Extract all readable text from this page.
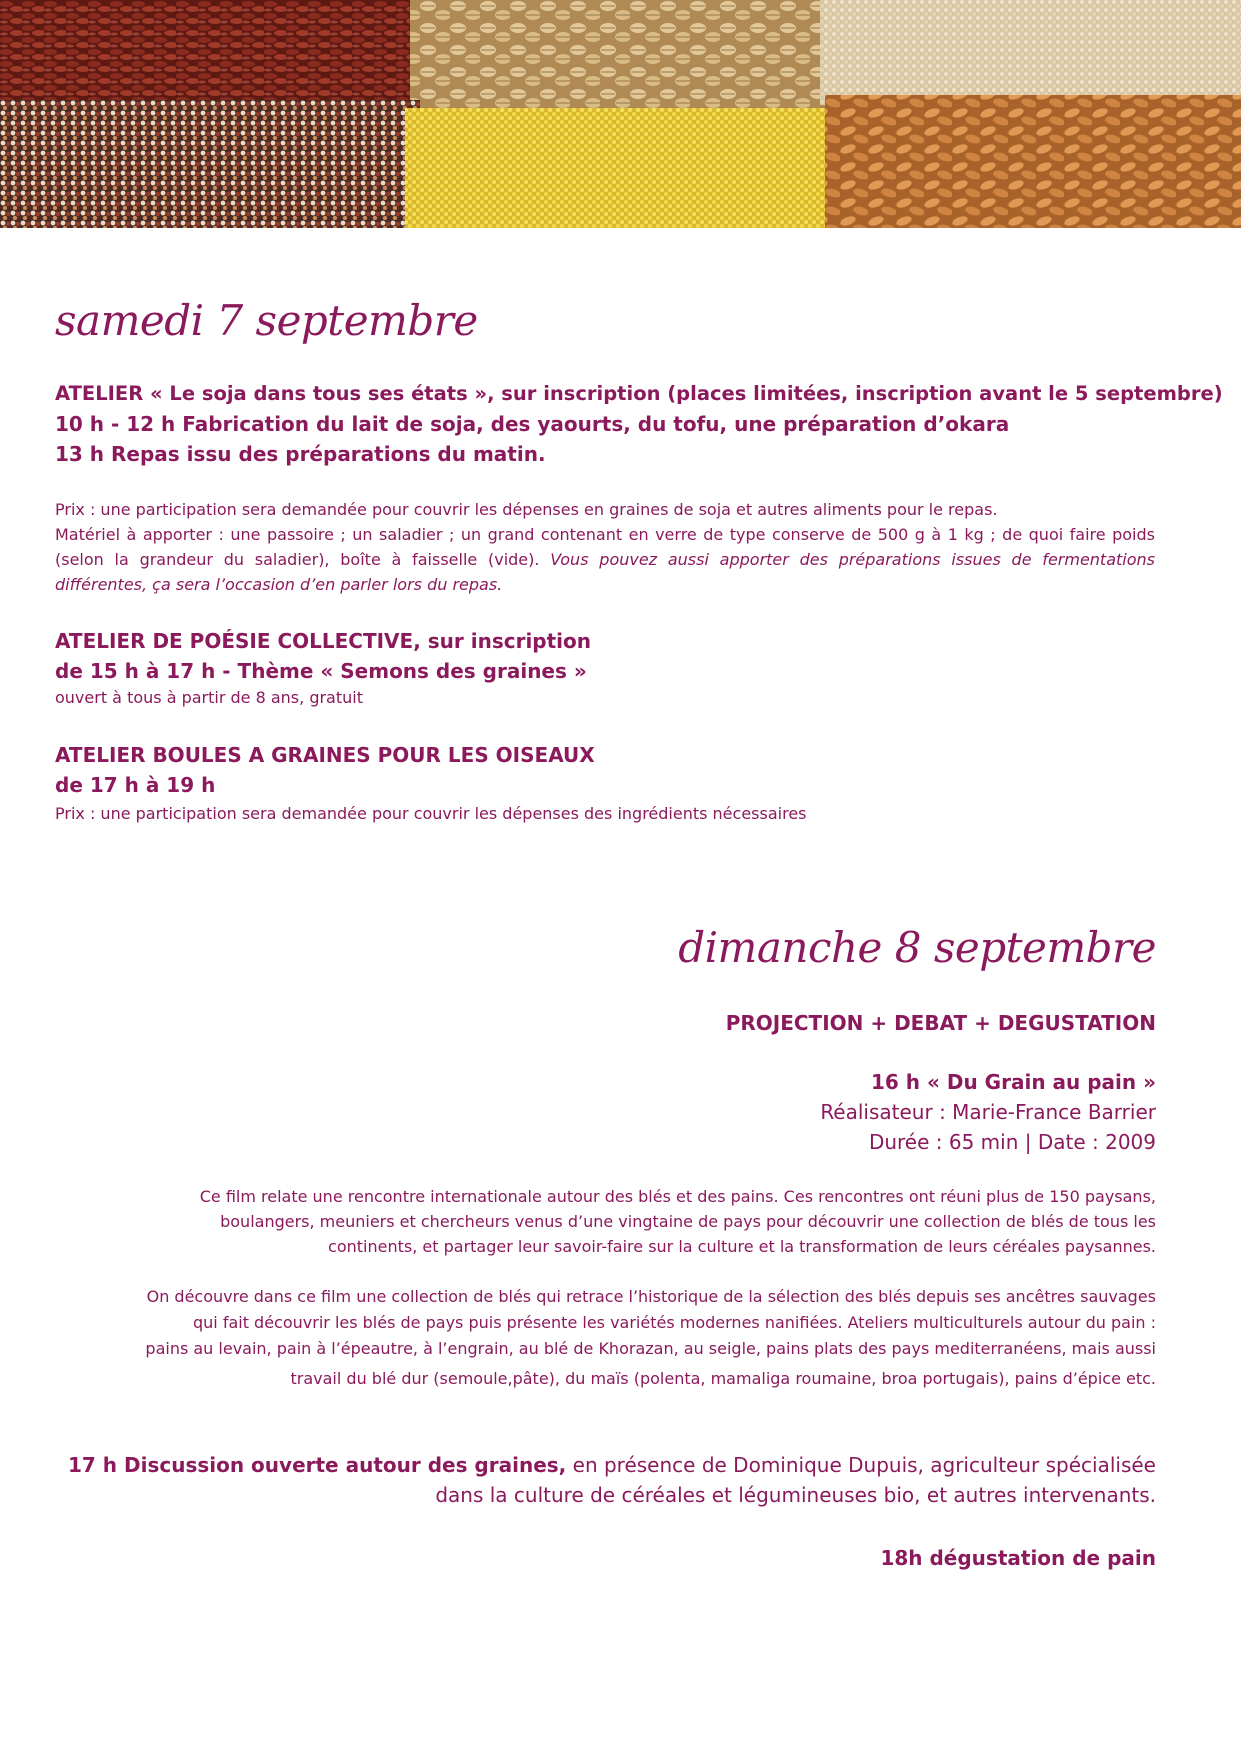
samedi 7 septembre
ATELIER « Le soja dans tous ses états », sur inscription (places limitées, inscription avant le 5 septembre)
10 h - 12 h Fabrication du lait de soja, des yaourts, du tofu, une préparation d’okara
13 h Repas issu des préparations du matin.
Prix : une participation sera demandée pour couvrir les dépenses en graines de soja et autres aliments pour le repas.
Matériel à apporter : une passoire ; un saladier ; un grand contenant en verre de type conserve de 500 g à 1 kg ; de quoi faire poids (selon la grandeur du saladier), boîte à faisselle (vide). Vous pouvez aussi apporter des préparations issues de fermentations différentes, ça sera l’occasion d’en parler lors du repas.
ATELIER DE POÉSIE COLLECTIVE, sur inscription
de 15 h à 17 h - Thème « Semons des graines »
ouvert à tous à partir de 8 ans, gratuit
ATELIER BOULES A GRAINES POUR LES OISEAUX
de 17 h à 19 h
Prix : une participation sera demandée pour couvrir les dépenses des ingrédients nécessaires
dimanche 8 septembre
PROJECTION + DEBAT + DEGUSTATION
16 h « Du Grain au pain »
Réalisateur : Marie-France Barrier
Durée : 65 min | Date : 2009
Ce film relate une rencontre internationale autour des blés et des pains. Ces rencontres ont réuni plus de 150 paysans,
boulangers, meuniers et chercheurs venus d’une vingtaine de pays pour découvrir une collection de blés de tous les
continents, et partager leur savoir-faire sur la culture et la transformation de leurs céréales paysannes.
On découvre dans ce film une collection de blés qui retrace l’historique de la sélection des blés depuis ses ancêtres sauvages
qui fait découvrir les blés de pays puis présente les variétés modernes nanifiées. Ateliers multiculturels autour du pain :
pains au levain, pain à l’épeautre, à l’engrain, au blé de Khorazan, au seigle, pains plats des pays mediterranéens, mais aussi
travail du blé dur (semoule,pâte), du maïs (polenta, mamaliga roumaine, broa portugais), pains d’épice etc.
17 h Discussion ouverte autour des graines, en présence de Dominique Dupuis, agriculteur spécialisée
dans la culture de céréales et légumineuses bio, et autres intervenants.
18h dégustation de pain
